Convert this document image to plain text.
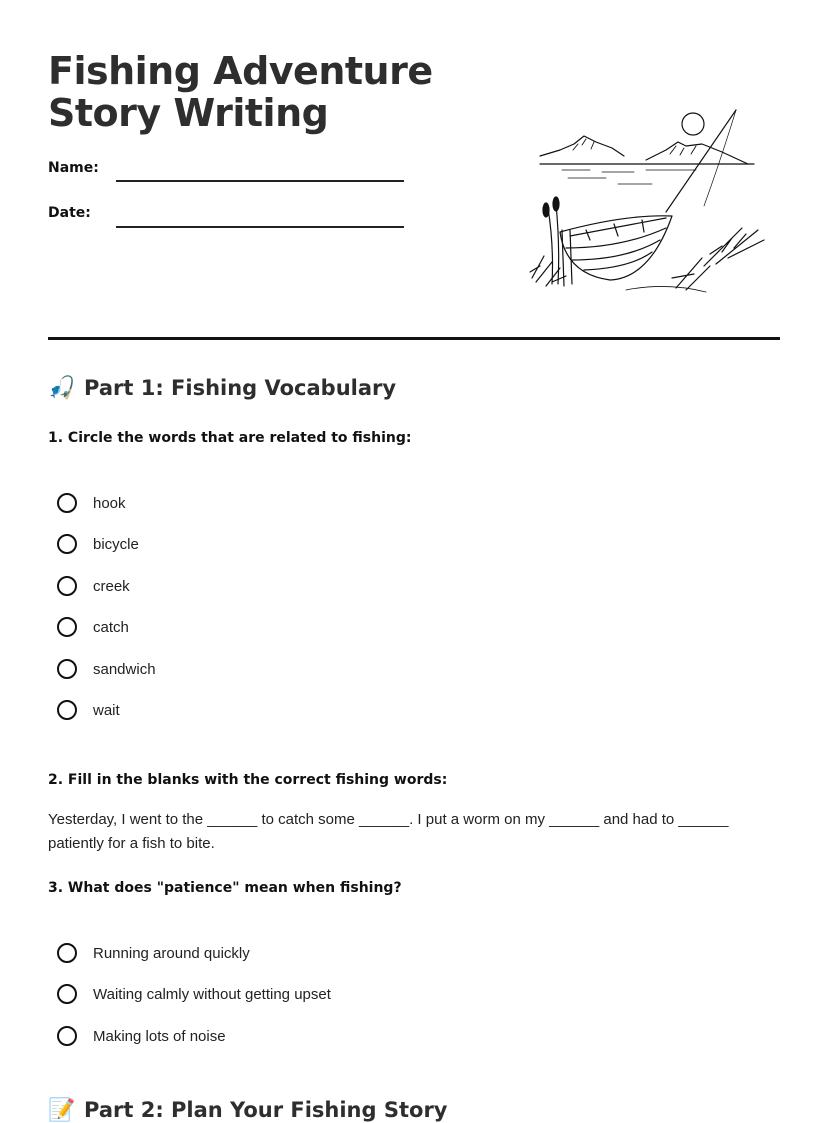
Fishing Adventure Story Writing
Name:
Date:
🎣 Part 1: Fishing Vocabulary
1. Circle the words that are related to fishing:
hook
bicycle
creek
catch
sandwich
wait
2. Fill in the blanks with the correct fishing words:

Yesterday, I went to the ______ to catch some ______. I put a worm on my ______ and had to ______ patiently for a fish to bite.

3. What does "patience" mean when fishing?
Running around quickly
Waiting calmly without getting upset
Making lots of noise
📝 Part 2: Plan Your Fishing Story
